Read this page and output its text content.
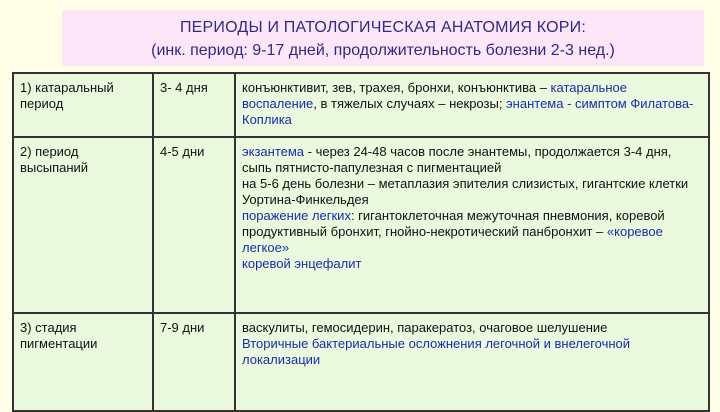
ПЕРИОДЫ И ПАТОЛОГИЧЕСКАЯ АНАТОМИЯ КОРИ:
(инк. период: 9-17 дней, продолжительность болезни 2-3 нед.)
1) катаральный период	3- 4 дня	конъюнктивит, зев, трахея, бронхи, конъюнктива – катаральное воспаление, в тяжелых случаях – некрозы; энантема - симптом Филатова-Коплика
2) период высыпаний	4-5 дни	экзантема - через 24-48 часов после энантемы, продолжается 3-4 дня, сыпь пятнисто-папулезная с пигментацией
на 5-6 день болезни – метаплазия эпителия слизистых, гигантские клетки Уортина-Финкельдея
поражение легких: гигантоклеточная межуточная пневмония, коревой продуктивный бронхит, гнойно-некротический панбронхит – «коревое легкое»
коревой энцефалит

3) стадия пигментации	7-9 дни	васкулиты, гемосидерин, паракератоз, очаговое шелушение
Вторичные бактериальные осложнения легочной и внелегочной локализации
